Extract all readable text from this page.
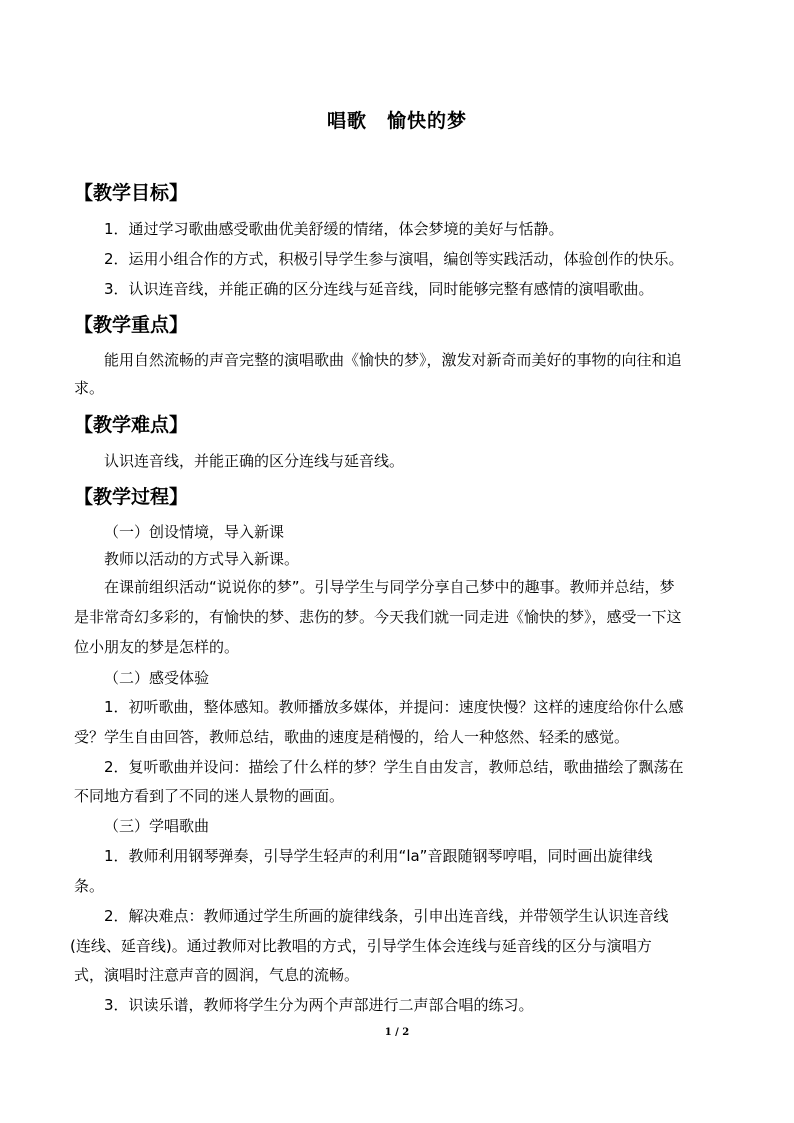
唱歌　愉快的梦
【教学目标】
1．通过学习歌曲感受歌曲优美舒缓的情绪，体会梦境的美好与恬静。
2．运用小组合作的方式，积极引导学生参与演唱，编创等实践活动，体验创作的快乐。
3．认识连音线，并能正确的区分连线与延音线，同时能够完整有感情的演唱歌曲。
【教学重点】
能用自然流畅的声音完整的演唱歌曲《愉快的梦》，激发对新奇而美好的事物的向往和追
求。
【教学难点】
认识连音线，并能正确的区分连线与延音线。
【教学过程】
（一）创设情境，导入新课
教师以活动的方式导入新课。
在课前组织活动“说说你的梦”。引导学生与同学分享自己梦中的趣事。教师并总结，梦
是非常奇幻多彩的，有愉快的梦、悲伤的梦。今天我们就一同走进《愉快的梦》，感受一下这
位小朋友的梦是怎样的。
（二）感受体验
1．初听歌曲，整体感知。教师播放多媒体，并提问：速度快慢？这样的速度给你什么感
受？学生自由回答，教师总结，歌曲的速度是稍慢的，给人一种悠然、轻柔的感觉。
2．复听歌曲并设问：描绘了什么样的梦？学生自由发言，教师总结，歌曲描绘了飘荡在
不同地方看到了不同的迷人景物的画面。
（三）学唱歌曲
1．教师利用钢琴弹奏，引导学生轻声的利用“la”音跟随钢琴哼唱，同时画出旋律线
条。
2．解决难点：教师通过学生所画的旋律线条，引申出连音线，并带领学生认识连音线
(连线、延音线)。通过教师对比教唱的方式，引导学生体会连线与延音线的区分与演唱方
式，演唱时注意声音的圆润，气息的流畅。
3．识读乐谱，教师将学生分为两个声部进行二声部合唱的练习。
1 / 2
